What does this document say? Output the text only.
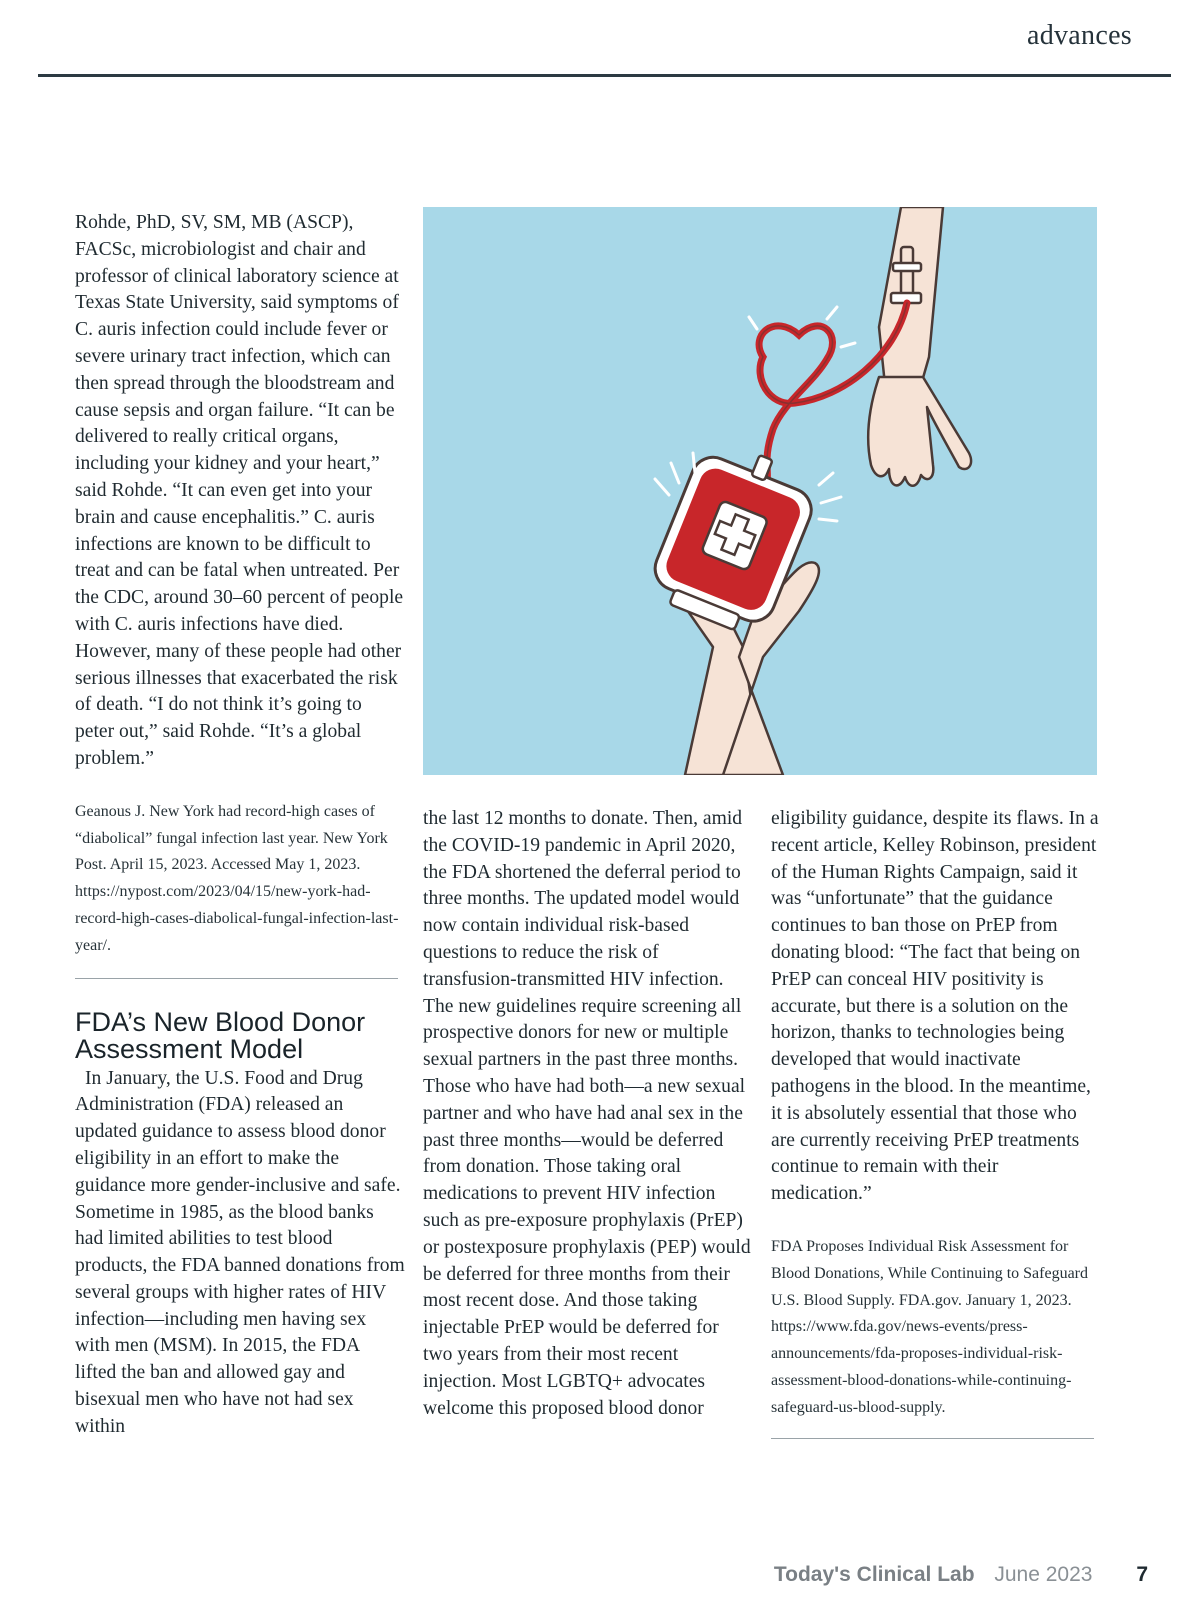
advances

Rohde, PhD, SV, SM, MB (ASCP), FACSc, microbiologist and chair and professor of clinical laboratory science at Texas State University, said symptoms of C. auris infection could include fever or severe urinary tract infection, which can then spread through the bloodstream and cause sepsis and organ failure. “It can be delivered to really critical organs, including your kidney and your heart,” said Rohde. “It can even get into your brain and cause encephalitis.” C. auris infections are known to be difficult to treat and can be fatal when untreated. Per the CDC, around 30–60 percent of people with C. auris infections have died. However, many of these people had other serious illnesses that exacerbated the risk of death. “I do not think it’s going to peter out,” said Rohde. “It’s a global problem.”

Geanous J. New York had record-high cases of “diabolical” fungal infection last year. New York Post. April 15, 2023. Accessed May 1, 2023. https://nypost.com/2023/04/15/new-york-had-record-high-cases-diabolical-fungal-infection-last-year/.

FDA’s New Blood Donor Assessment Model

In January, the U.S. Food and Drug Administration (FDA) released an updated guidance to assess blood donor eligibility in an effort to make the guidance more gender-inclusive and safe. Sometime in 1985, as the blood banks had limited abilities to test blood products, the FDA banned donations from several groups with higher rates of HIV infection—including men having sex with men (MSM). In 2015, the FDA lifted the ban and allowed gay and bisexual men who have not had sex within

the last 12 months to donate. Then, amid the COVID-19 pandemic in April 2020, the FDA shortened the deferral period to three months. The updated model would now contain individual risk-based questions to reduce the risk of transfusion-transmitted HIV infection. The new guidelines require screening all prospective donors for new or multiple sexual partners in the past three months. Those who have had both—a new sexual partner and who have had anal sex in the past three months—would be deferred from donation. Those taking oral medications to prevent HIV infection such as pre-exposure prophylaxis (PrEP) or postexposure prophylaxis (PEP) would be deferred for three months from their most recent dose. And those taking injectable PrEP would be deferred for two years from their most recent injection. Most LGBTQ+ advocates welcome this proposed blood donor

eligibility guidance, despite its flaws. In a recent article, Kelley Robinson, president of the Human Rights Campaign, said it was “unfortunate” that the guidance continues to ban those on PrEP from donating blood: “The fact that being on PrEP can conceal HIV positivity is accurate, but there is a solution on the horizon, thanks to technologies being developed that would inactivate pathogens in the blood. In the meantime, it is absolutely essential that those who are currently receiving PrEP treatments continue to remain with their medication.”

FDA Proposes Individual Risk Assessment for Blood Donations, While Continuing to Safeguard U.S. Blood Supply. FDA.gov. January 1, 2023. https://www.fda.gov/news-events/press-announcements/fda-proposes-individual-risk-assessment-blood-donations-while-continuing-safeguard-us-blood-supply.

Today's Clinical Lab June 2023 7
